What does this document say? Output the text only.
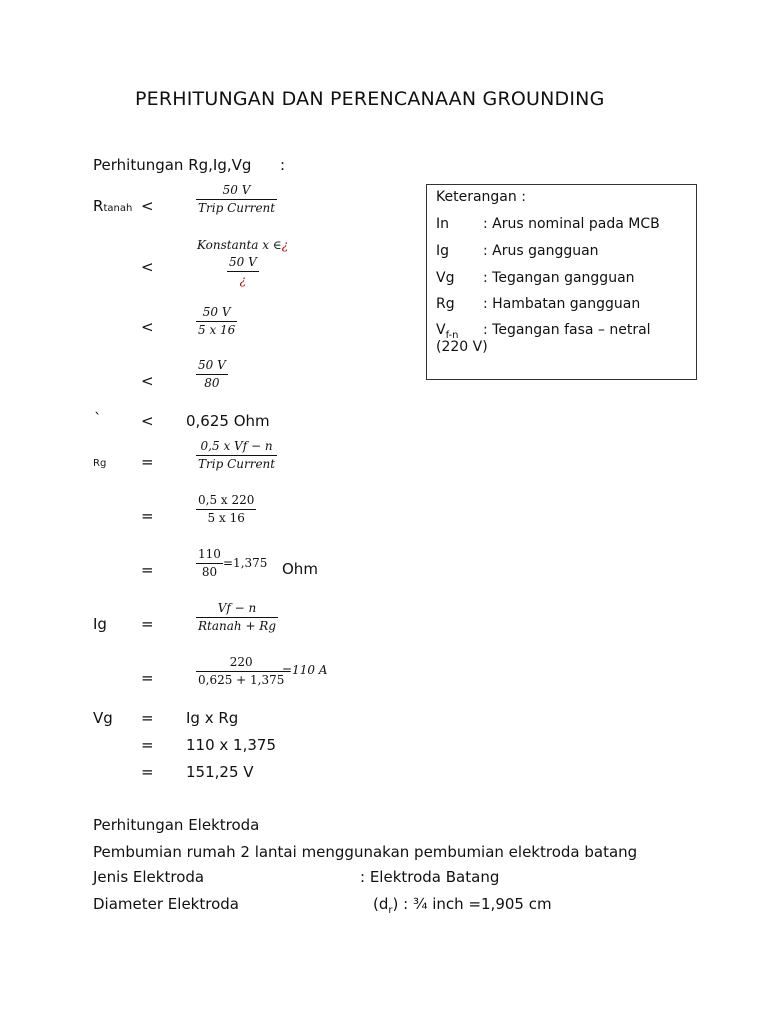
PERHITUNGAN DAN PERENCANAAN GROUNDING
Perhitungan Rg,Ig,Vg :
Rtanah <
50 V
Trip Current
Konstanta x ∈¿
<	50 V
¿
<
50 V
5 x 16
<
50 V
80
`	< 0,625 Ohm
Rg =
0,5 x Vf − n
Trip Current
=
0,5 x 220
5 x 16
=
110
80
=1,375 Ohm
Ig =
Vf − n
Rtanah + Rg
=
220
0,625 + 1,375
=110 A
Vg = Ig x Rg
= 110 x 1,375
= 151,25 V
Keterangan :
In : Arus nominal pada MCB
Ig : Arus gangguan
Vg : Tegangan gangguan
Rg : Hambatan gangguan
$V_{f-n}$ : Tegangan fasa – netral
(220 V)
Perhitungan Elektroda
Pembumian rumah 2 lantai menggunakan pembumian elektroda batang
Jenis Elektroda	: Elektroda Batang
Diameter Elektroda	$(d_r)$ : ¾ inch =1,905 cm
